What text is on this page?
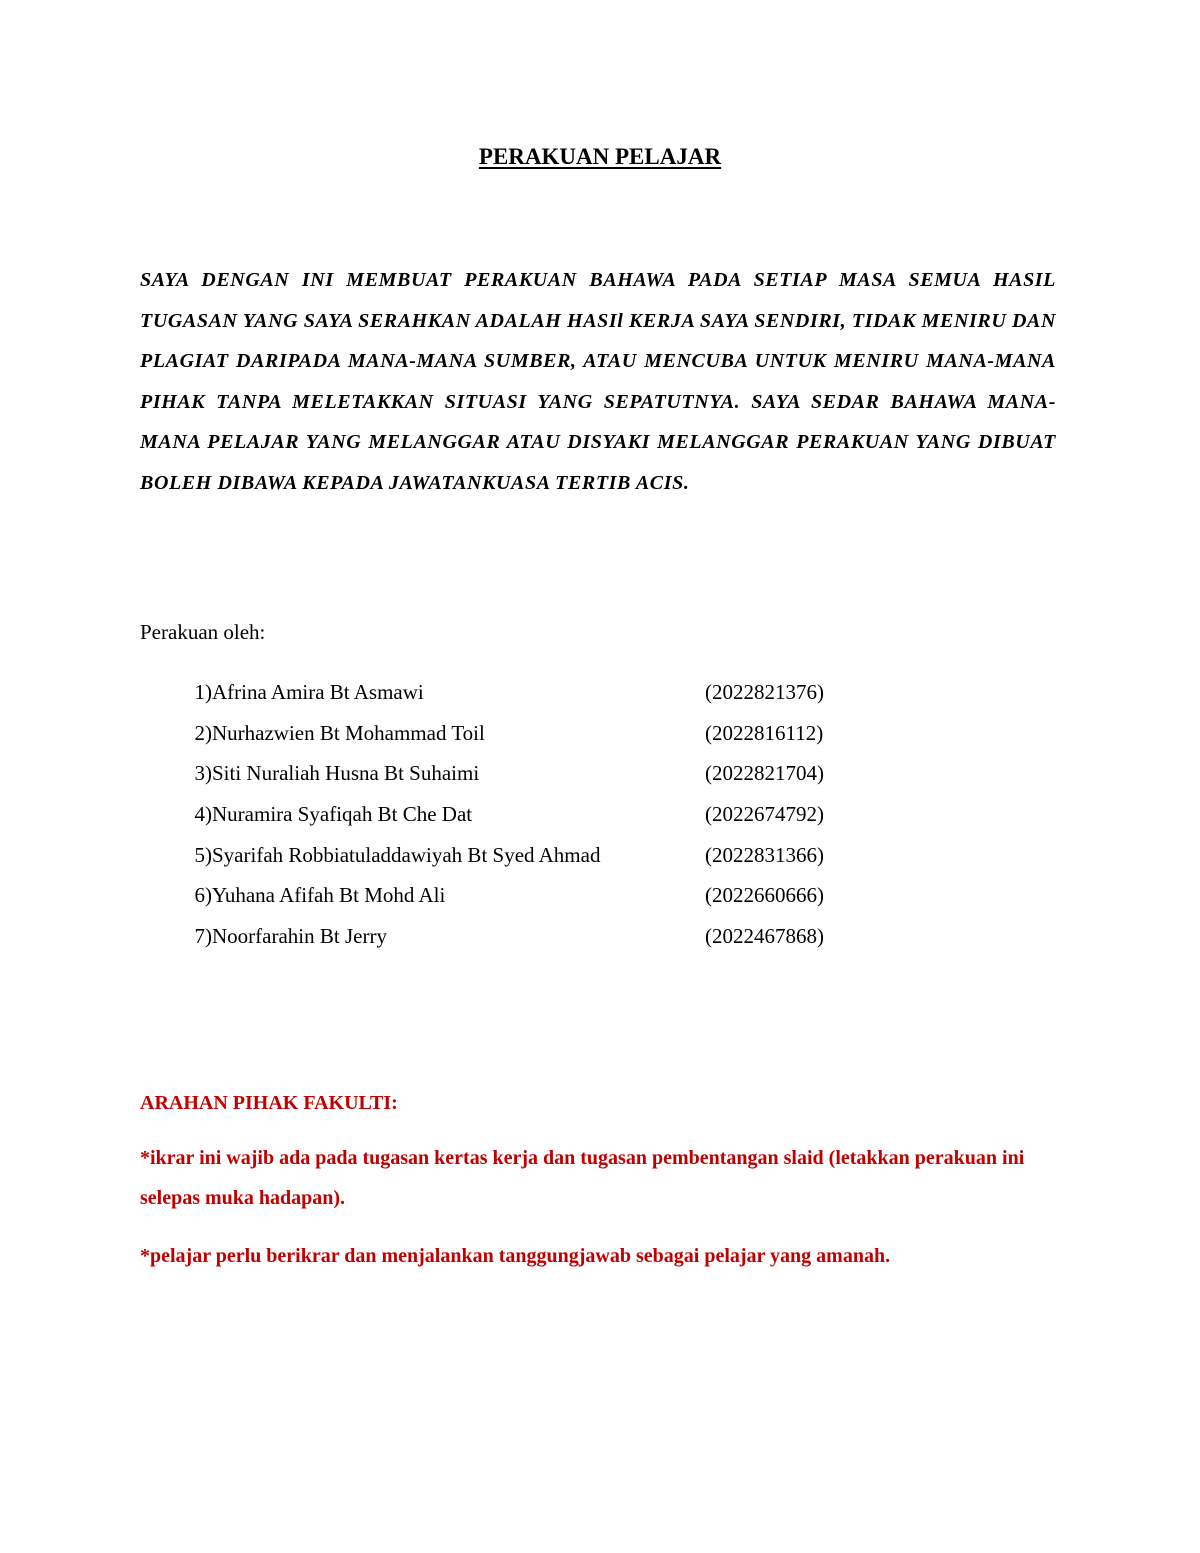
PERAKUAN PELAJAR
SAYA DENGAN INI MEMBUAT PERAKUAN BAHAWA PADA SETIAP MASA SEMUA HASIL TUGASAN YANG SAYA SERAHKAN ADALAH HASIl KERJA SAYA SENDIRI, TIDAK MENIRU DAN PLAGIAT DARIPADA MANA-MANA SUMBER, ATAU MENCUBA UNTUK MENIRU MANA-MANA PIHAK TANPA MELETAKKAN SITUASI YANG SEPATUTNYA. SAYA SEDAR BAHAWA MANA-MANA PELAJAR YANG MELANGGAR ATAU DISYAKI MELANGGAR PERAKUAN YANG DIBUAT BOLEH DIBAWA KEPADA JAWATANKUASA TERTIB ACIS.
Perakuan oleh:
1) Afrina Amira Bt Asmawi	(2022821376)
2) Nurhazwien Bt Mohammad Toil	(2022816112)
3) Siti Nuraliah Husna Bt Suhaimi	(2022821704)
4) Nuramira Syafiqah Bt Che Dat	(2022674792)
5) Syarifah Robbiatuladdawiyah Bt Syed Ahmad	(2022831366)
6) Yuhana Afifah Bt Mohd Ali	(2022660666)
7) Noorfarahin Bt Jerry	(2022467868)
ARAHAN PIHAK FAKULTI:
*ikrar ini wajib ada pada tugasan kertas kerja dan tugasan pembentangan slaid (letakkan perakuan ini selepas muka hadapan).
*pelajar perlu berikrar dan menjalankan tanggungjawab sebagai pelajar yang amanah.
